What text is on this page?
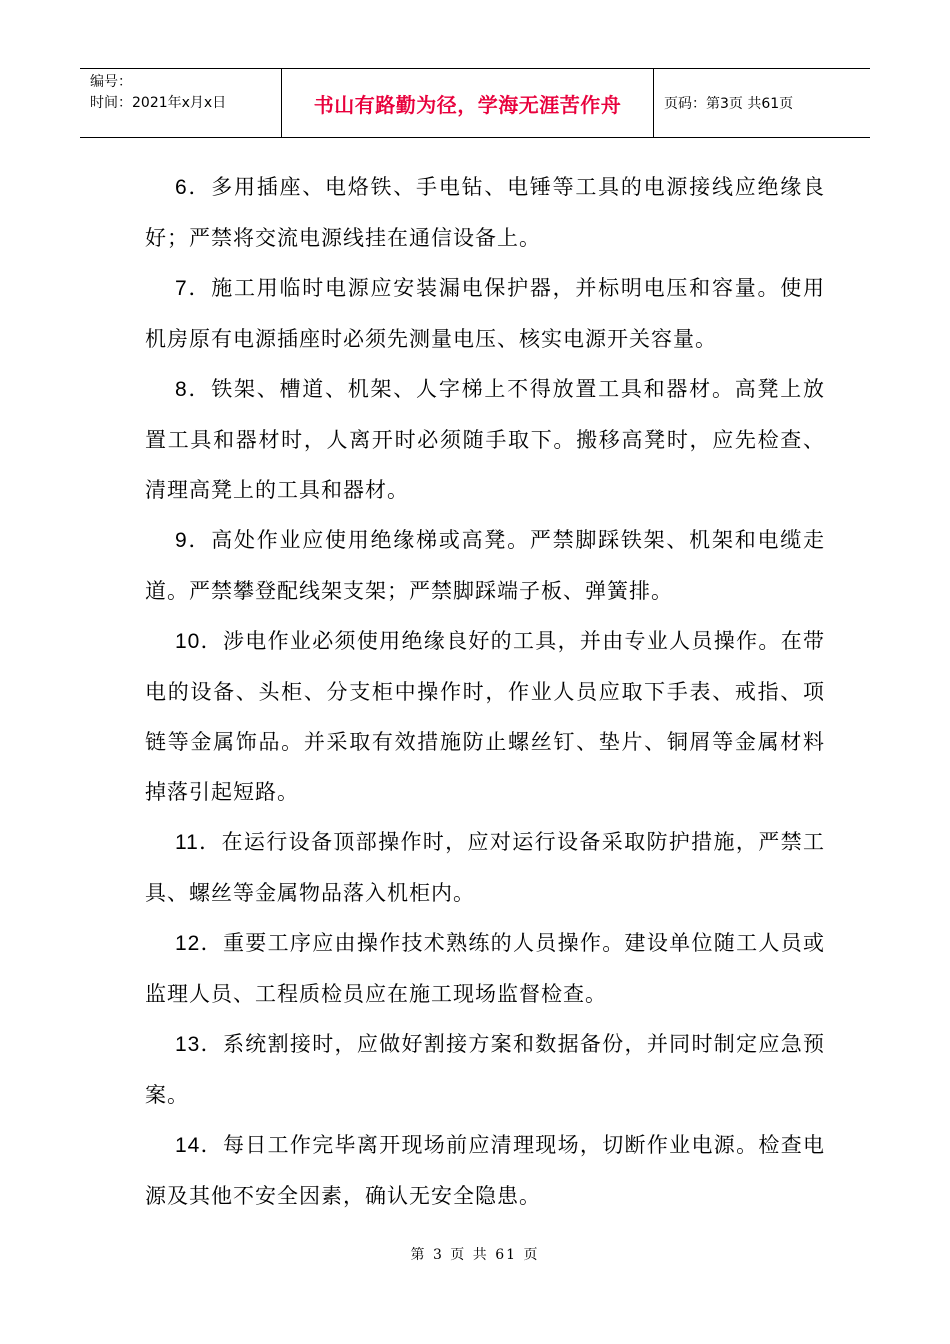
编号：
时间：2021年x月x日	书山有路勤为径，学海无涯苦作舟	页码：第3页 共61页

6．多用插座、电烙铁、手电钻、电锤等工具的电源接线应绝缘良好；严禁将交流电源线挂在通信设备上。

7．施工用临时电源应安装漏电保护器，并标明电压和容量。使用机房原有电源插座时必须先测量电压、核实电源开关容量。

8．铁架、槽道、机架、人字梯上不得放置工具和器材。高凳上放置工具和器材时，人离开时必须随手取下。搬移高凳时，应先检查、清理高凳上的工具和器材。

9．高处作业应使用绝缘梯或高凳。严禁脚踩铁架、机架和电缆走道。严禁攀登配线架支架；严禁脚踩端子板、弹簧排。

10．涉电作业必须使用绝缘良好的工具，并由专业人员操作。在带电的设备、头柜、分支柜中操作时，作业人员应取下手表、戒指、项链等金属饰品。并采取有效措施防止螺丝钉、垫片、铜屑等金属材料掉落引起短路。

11．在运行设备顶部操作时，应对运行设备采取防护措施，严禁工具、螺丝等金属物品落入机柜内。

12．重要工序应由操作技术熟练的人员操作。建设单位随工人员或监理人员、工程质检员应在施工现场监督检查。

13．系统割接时，应做好割接方案和数据备份，并同时制定应急预案。

14．每日工作完毕离开现场前应清理现场，切断作业电源。检查电源及其他不安全因素，确认无安全隐患。

第 3 页 共 61 页
